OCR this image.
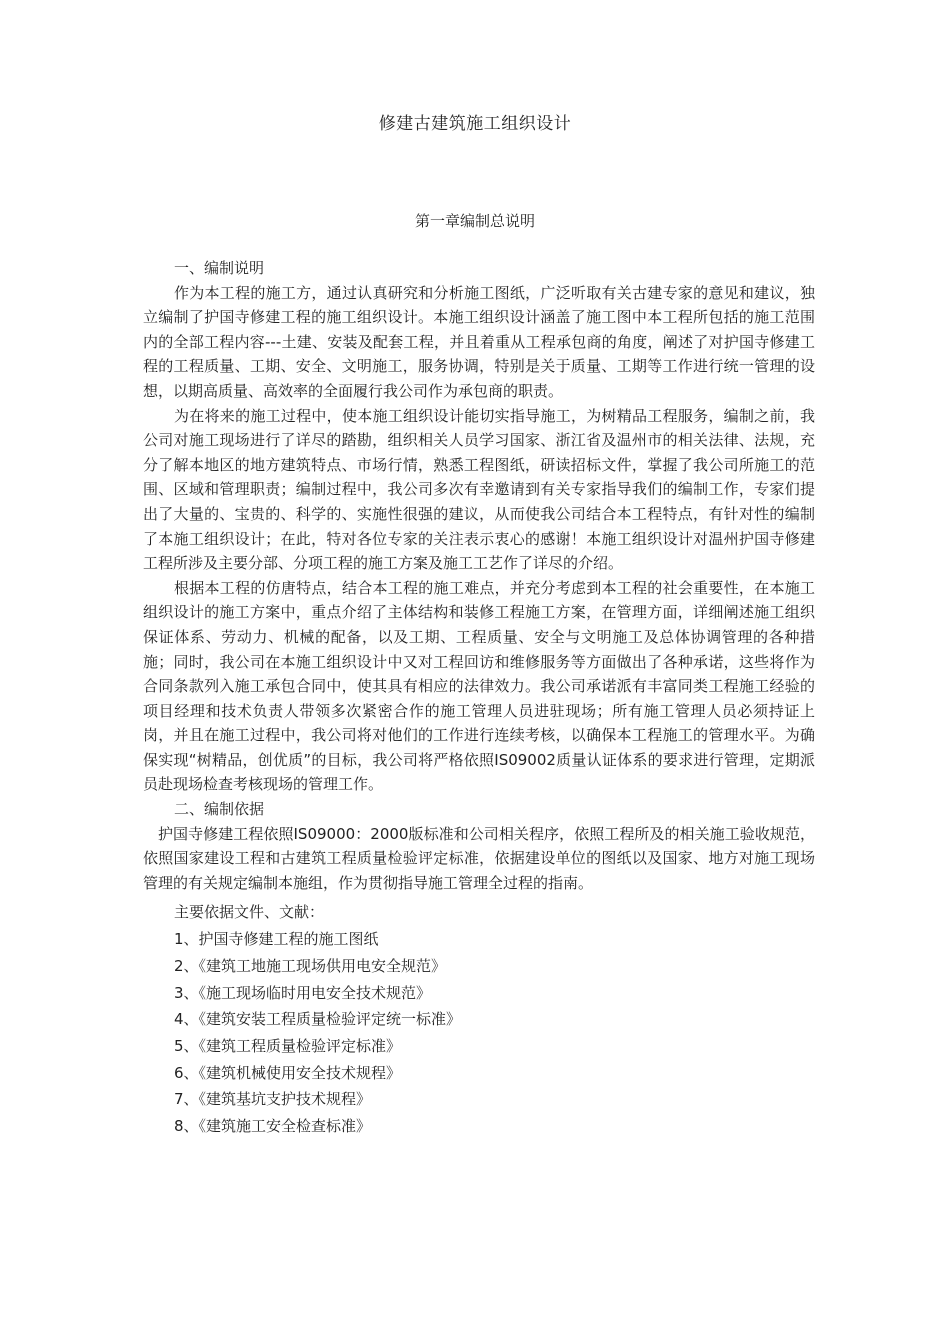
修建古建筑施工组织设计
第一章编制总说明

一、编制说明

作为本工程的施工方，通过认真研究和分析施工图纸，广泛听取有关古建专家的意见和建议，独立编制了护国寺修建工程的施工组织设计。本施工组织设计涵盖了施工图中本工程所包括的施工范围内的全部工程内容---土建、安装及配套工程，并且着重从工程承包商的角度，阐述了对护国寺修建工程的工程质量、工期、安全、文明施工，服务协调，特别是关于质量、工期等工作进行统一管理的设想，以期高质量、高效率的全面履行我公司作为承包商的职责。

为在将来的施工过程中，使本施工组织设计能切实指导施工，为树精品工程服务，编制之前，我公司对施工现场进行了详尽的踏勘，组织相关人员学习国家、浙江省及温州市的相关法律、法规，充分了解本地区的地方建筑特点、市场行情，熟悉工程图纸，研读招标文件，掌握了我公司所施工的范围、区域和管理职责；编制过程中，我公司多次有幸邀请到有关专家指导我们的编制工作，专家们提出了大量的、宝贵的、科学的、实施性很强的建议，从而使我公司结合本工程特点，有针对性的编制了本施工组织设计；在此，特对各位专家的关注表示衷心的感谢！本施工组织设计对温州护国寺修建工程所涉及主要分部、分项工程的施工方案及施工工艺作了详尽的介绍。

根据本工程的仿唐特点，结合本工程的施工难点，并充分考虑到本工程的社会重要性，在本施工组织设计的施工方案中，重点介绍了主体结构和装修工程施工方案，在管理方面，详细阐述施工组织保证体系、劳动力、机械的配备，以及工期、工程质量、安全与文明施工及总体协调管理的各种措施；同时，我公司在本施工组织设计中又对工程回访和维修服务等方面做出了各种承诺，这些将作为合同条款列入施工承包合同中，使其具有相应的法律效力。我公司承诺派有丰富同类工程施工经验的项目经理和技术负责人带领多次紧密合作的施工管理人员进驻现场；所有施工管理人员必须持证上岗，并且在施工过程中，我公司将对他们的工作进行连续考核，以确保本工程施工的管理水平。为确保实现“树精品，创优质”的目标，我公司将严格依照IS09002质量认证体系的要求进行管理，定期派员赴现场检查考核现场的管理工作。

二、编制依据

护国寺修建工程依照IS09000：2000版标准和公司相关程序，依照工程所及的相关施工验收规范，依照国家建设工程和古建筑工程质量检验评定标准，依据建设单位的图纸以及国家、地方对施工现场管理的有关规定编制本施组，作为贯彻指导施工管理全过程的指南。

主要依据文件、文献：

1、护国寺修建工程的施工图纸
2、《建筑工地施工现场供用电安全规范》
3、《施工现场临时用电安全技术规范》
4、《建筑安装工程质量检验评定统一标准》
5、《建筑工程质量检验评定标准》
6、《建筑机械使用安全技术规程》
7、《建筑基坑支护技术规程》
8、《建筑施工安全检查标准》
